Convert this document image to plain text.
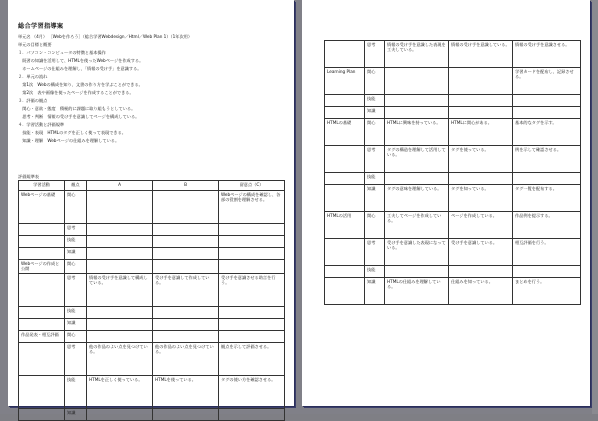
総合学習指導案
単元名 （4月） ［Webを作ろう］（総合学習Webdesign／Html／Web Plan 1）（1年次用）
単元の目標と概要
１．パソコン・コンピュータの特徴と基本操作
　既習の知識を活用して、HTMLを使ったWebページを作成する。
　ホームページの仕組みを理解し、「情報の受け手」を意識する。
２．単元の流れ
　第1次　Webの構成を知り、文書の作り方を学ぶことができる。
　第2次　表や画像を使ったページを作成することができる。
３．評価の観点
　関心・意欲・態度　積極的に課題に取り組もうとしている。
　思考・判断　情報の受け手を意識してページを構成している。
４．学習活動と評価規準
　技能・表現　HTMLのタグを正しく使って表現できる。
　知識・理解　Webページの仕組みを理解している。
評価規準表
学習活動	観点	A	B	留意点（C）
Webページの基礎	関心			Webページの構成を確認し、各部の役割を理解させる。
	思考			
	技能			
	知識			
Webページの作成と公開	関心			
	思考	情報の受け手を意識して構成している。	受け手を意識して作成している。	受け手を意識させる助言を行う。
	技能			
	知識			
作品発表・相互評価	関心			
	思考	他の作品のよい点を見つけている。	他の作品のよい点を見つけている。	観点を示して評価させる。
	技能	HTMLを正しく使っている。	HTMLを使っている。	タグの使い方を確認させる。
	知識			
	思考	情報の受け手を意識した表現を工夫している。	情報の受け手を意識している。	情報の受け手を意識させる。
Learning Plan	関心			学習カードを配布し、記録させる。
	技能			
	知識			
HTMLの基礎	関心	HTMLに興味を持っている。	HTMLに関心がある。	基本的なタグを示す。
	思考	タグの構造を理解して活用している。	タグを使っている。	例を示して確認させる。
	技能			
	知識	タグの意味を理解している。	タグを知っている。	タグ一覧を配布する。
HTMLの活用	関心	工夫してページを作成している。	ページを作成している。	作品例を提示する。
	思考	受け手を意識した表現になっている。	受け手を意識している。	相互評価を行う。
	技能			
	知識	HTMLの仕組みを理解している。	仕組みを知っている。	まとめを行う。
